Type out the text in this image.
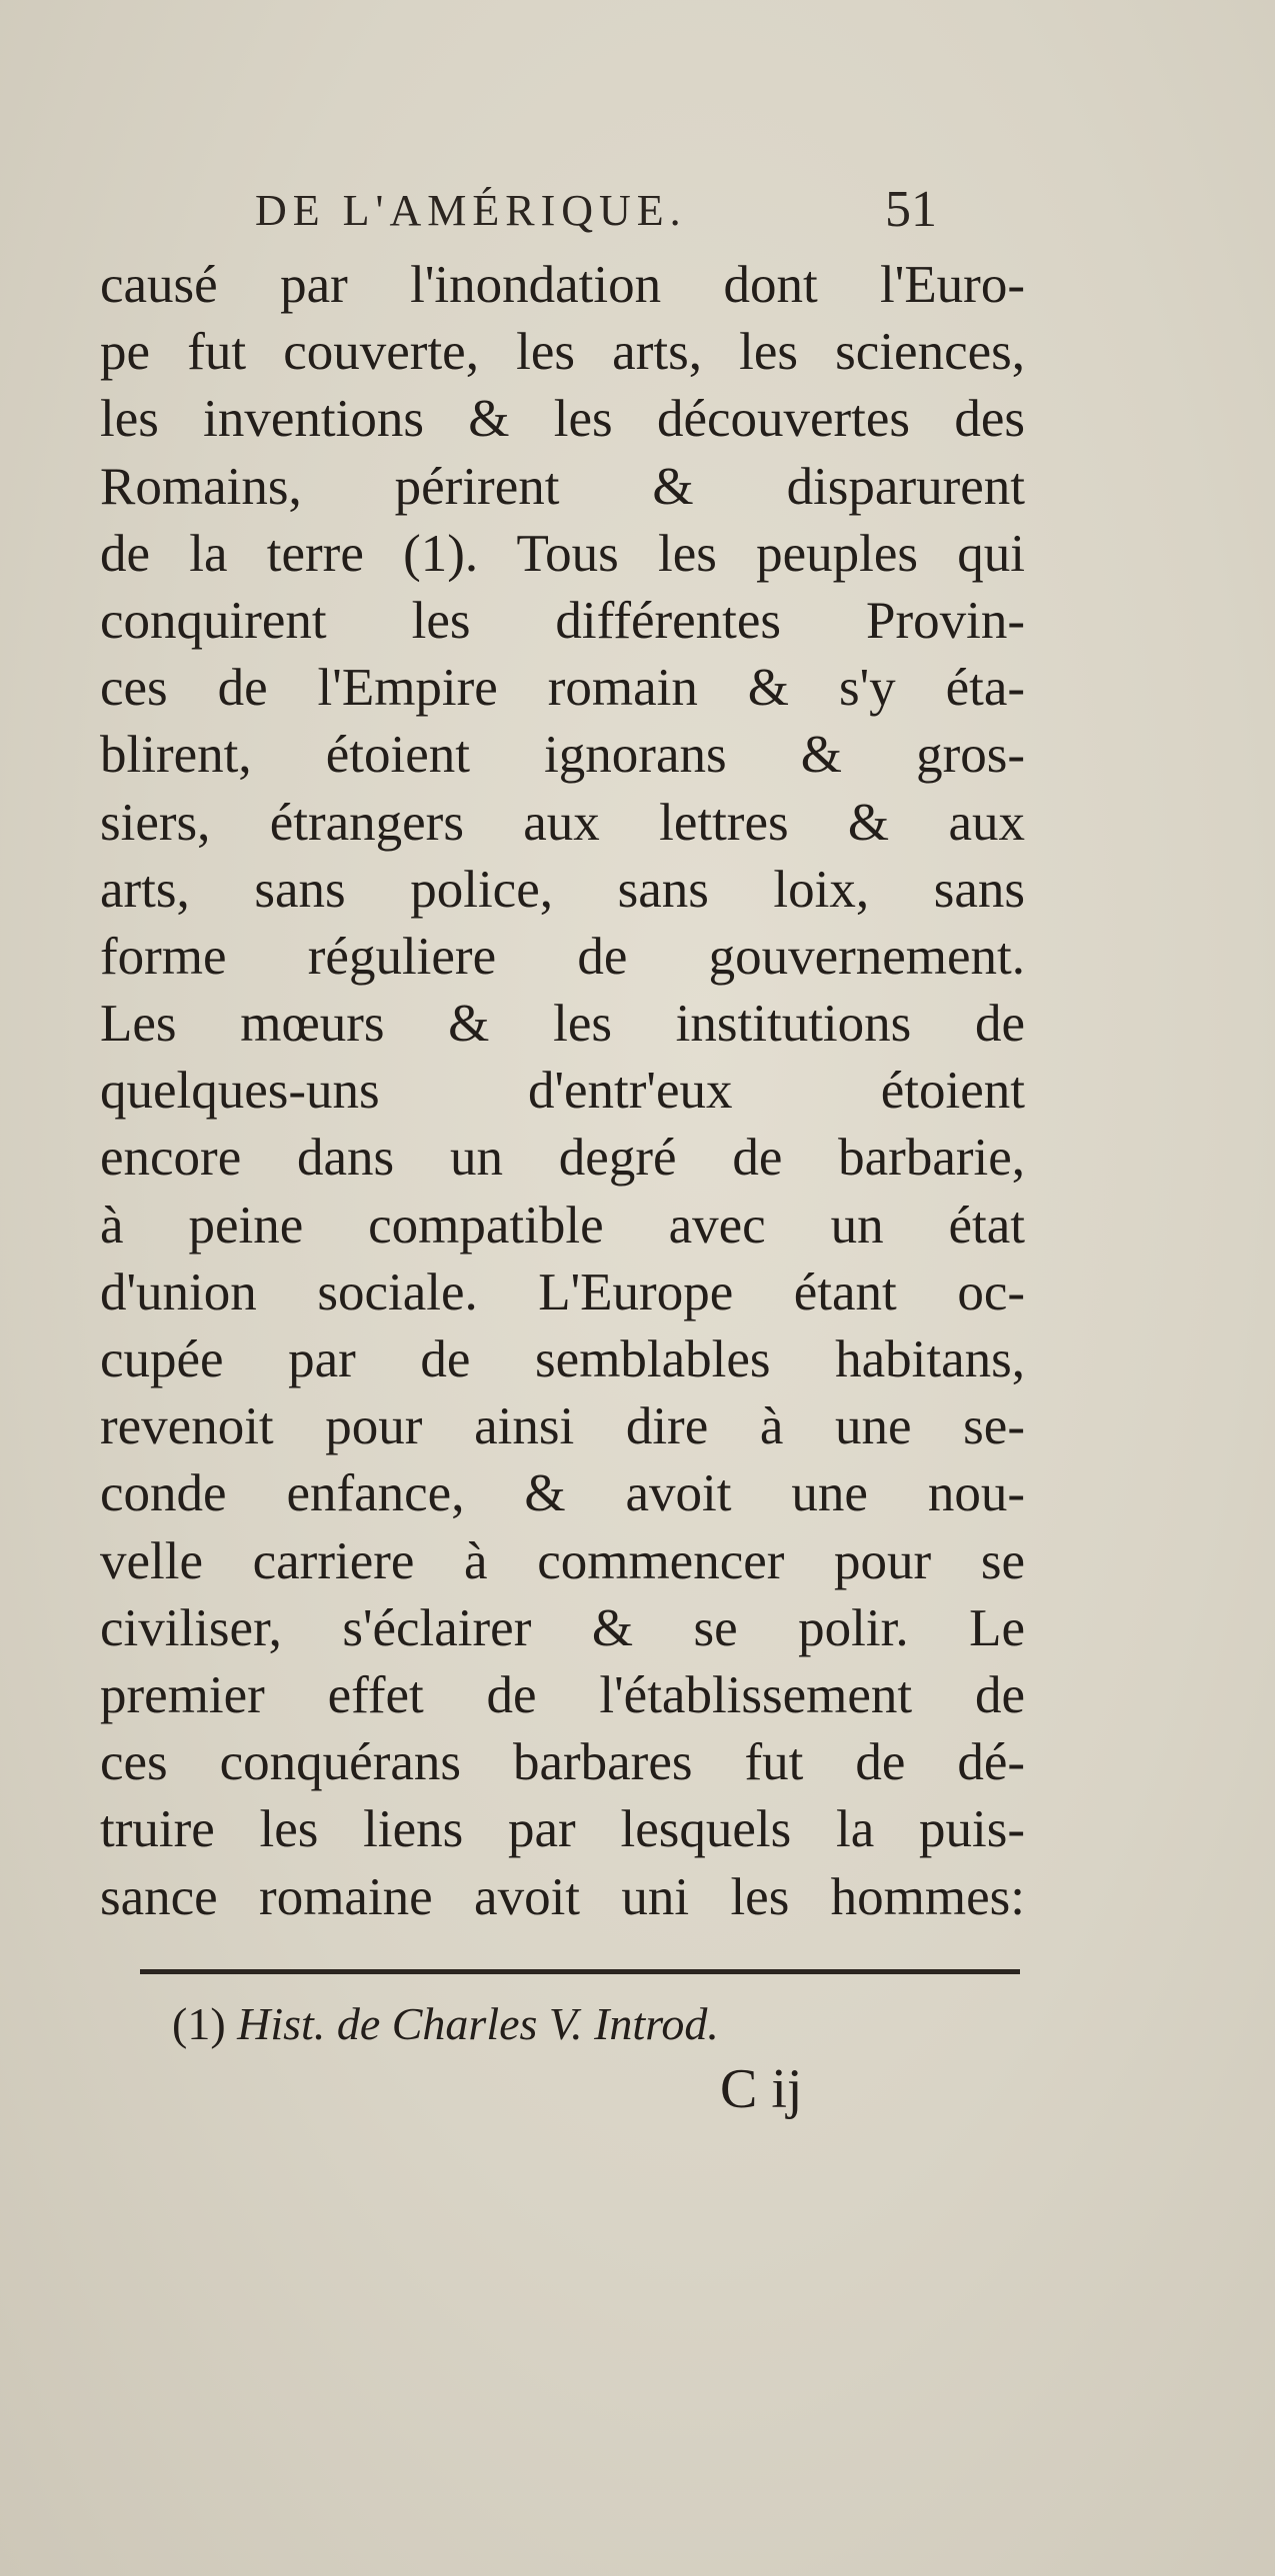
DE L'AMÉRIQUE.	51
causé par l'inondation dont l'Euro-
pe fut couverte, les arts, les sciences,
les inventions & les découvertes des
Romains, périrent & disparurent
de la terre (1). Tous les peuples qui
conquirent les différentes Provin-
ces de l'Empire romain & s'y éta-
blirent, étoient ignorans & gros-
siers, étrangers aux lettres & aux
arts, sans police, sans loix, sans
forme réguliere de gouvernement.
Les mœurs & les institutions de
quelques-uns d'entr'eux étoient
encore dans un degré de barbarie,
à peine compatible avec un état
d'union sociale. L'Europe étant oc-
cupée par de semblables habitans,
revenoit pour ainsi dire à une se-
conde enfance, & avoit une nou-
velle carriere à commencer pour se
civiliser, s'éclairer & se polir. Le
premier effet de l'établissement de
ces conquérans barbares fut de dé-
truire les liens par lesquels la puis-
sance romaine avoit uni les hommes:
(1) Hist. de Charles V. Introd.
C ij
